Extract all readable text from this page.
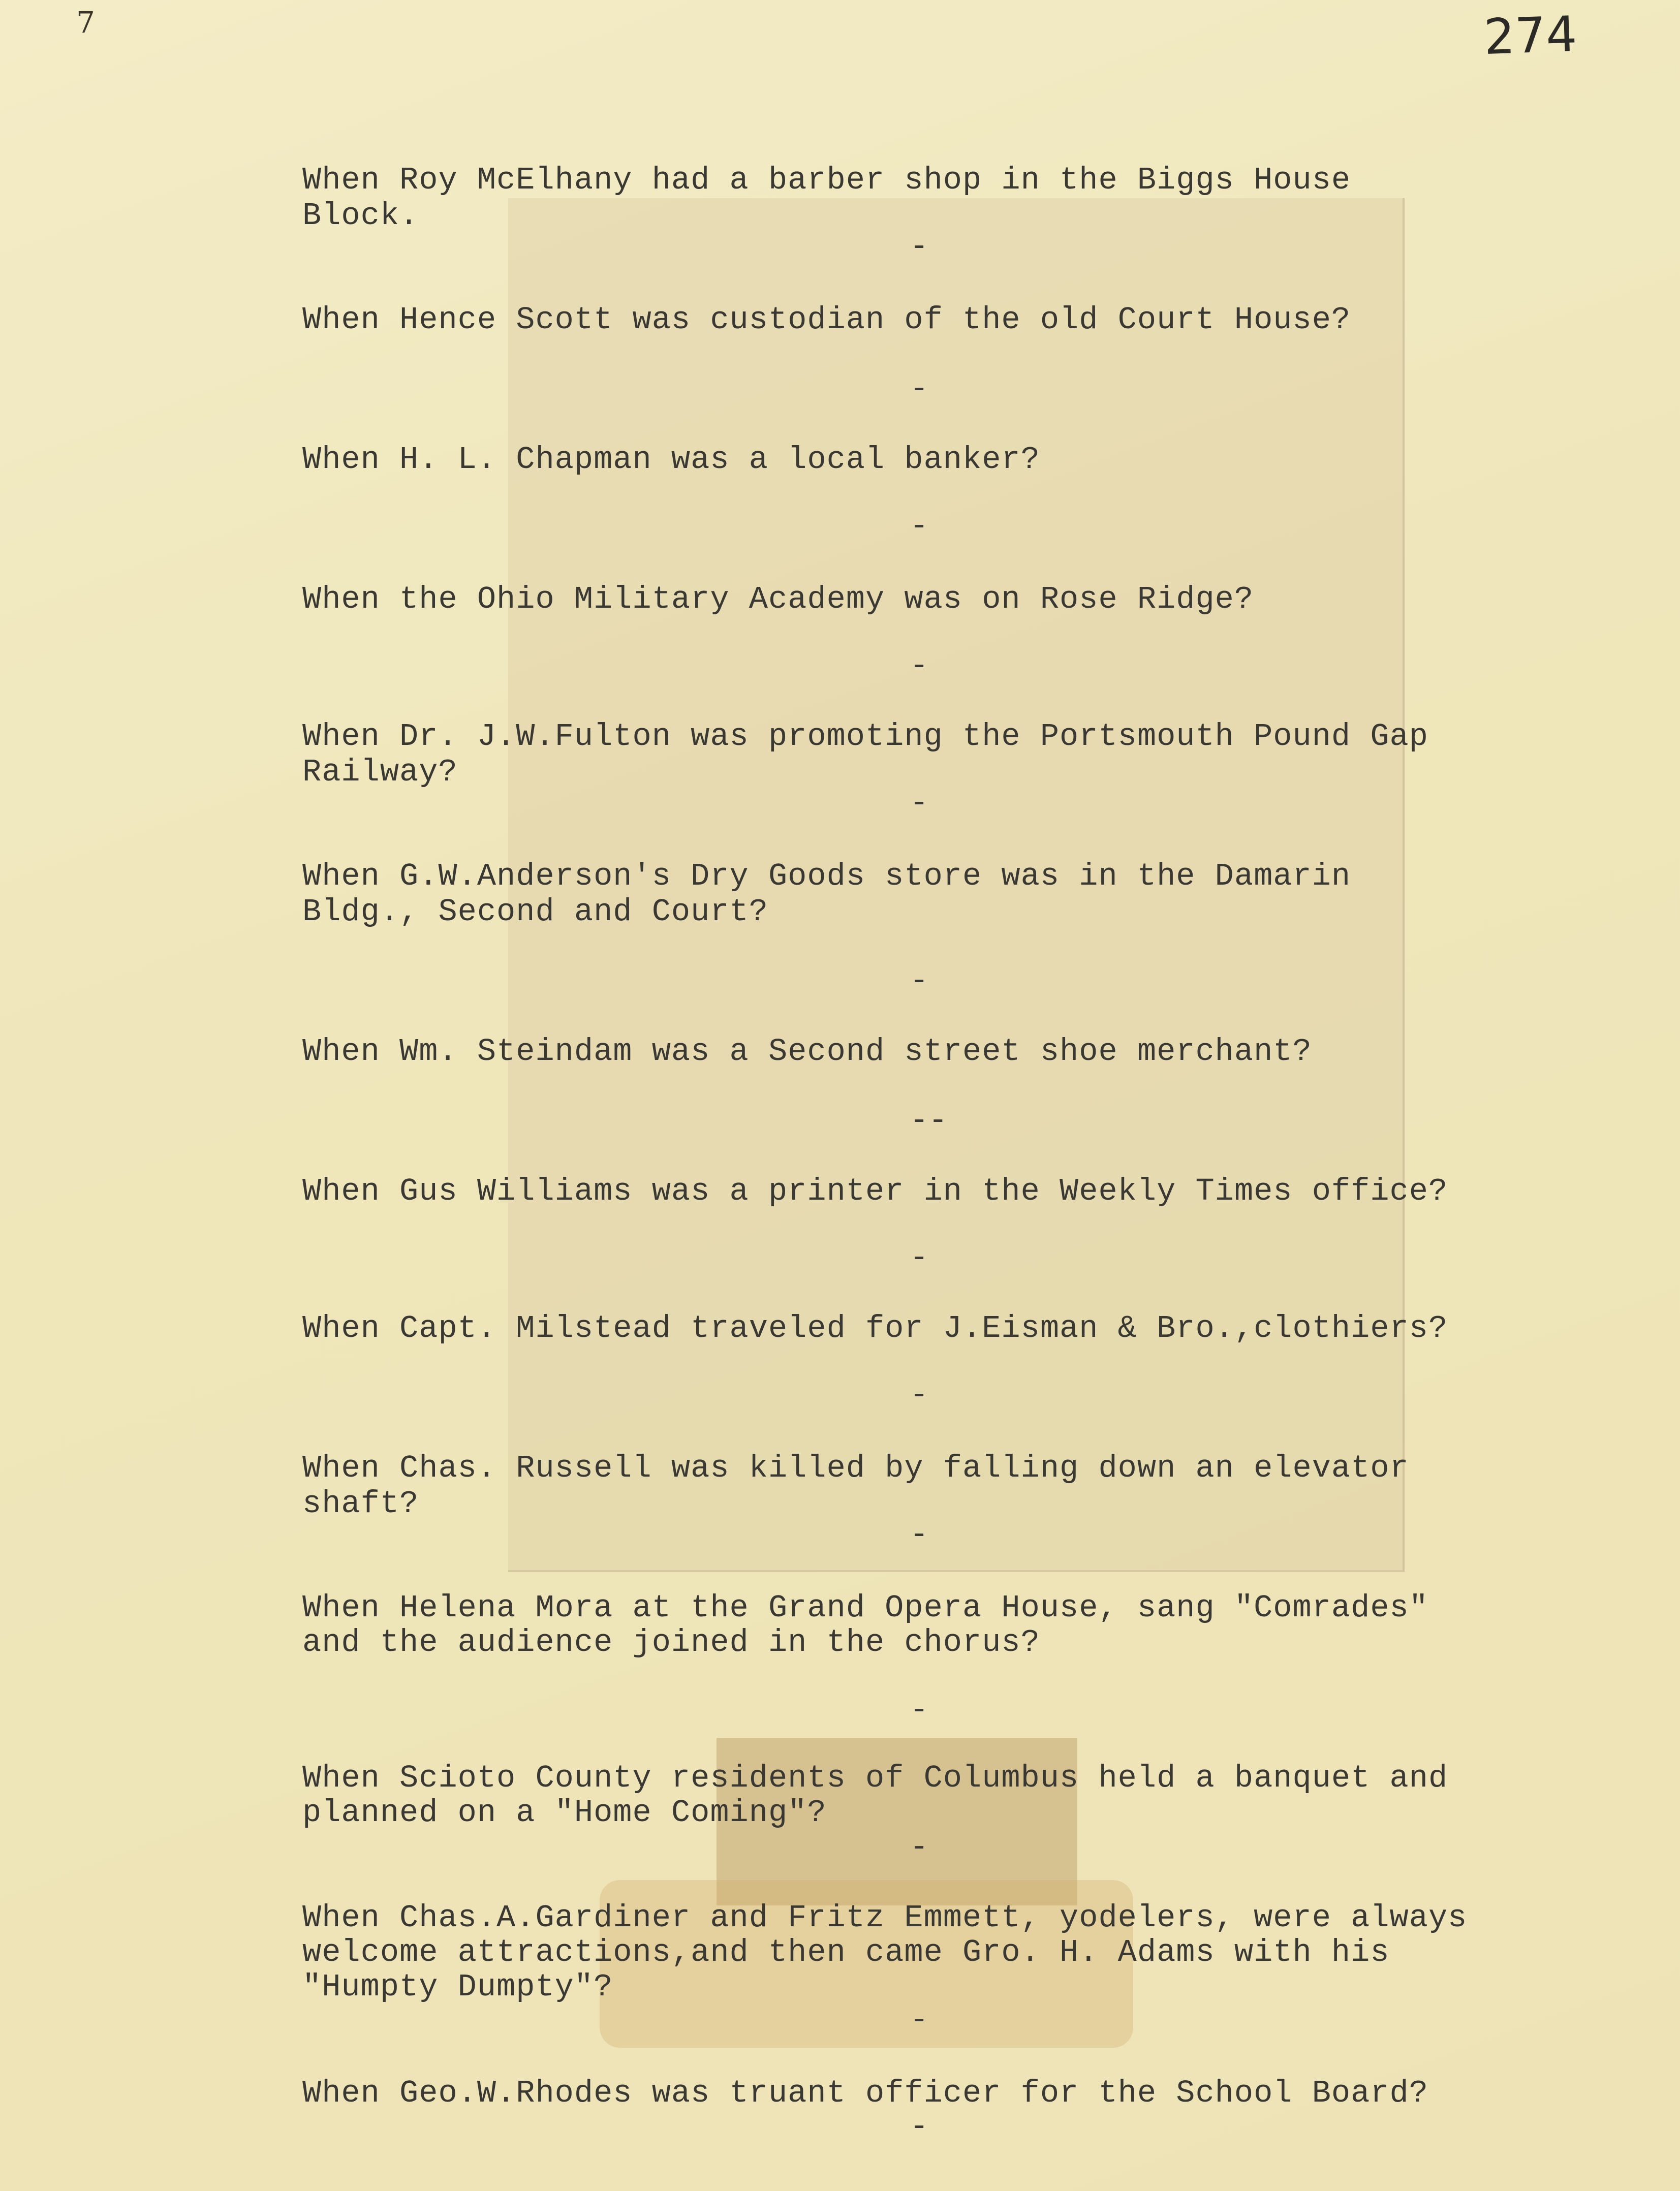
7	274
When Roy McElhany had a barber shop in the Biggs House
Block.
-
When Hence Scott was custodian of the old Court House?
-
When H. L. Chapman was a local banker?
-
When the Ohio Military Academy was on Rose Ridge?
-
When Dr. J.W.Fulton was promoting the Portsmouth Pound Gap
Railway?
-
When G.W.Anderson's Dry Goods store was in the Damarin
Bldg., Second and Court?
-
When Wm. Steindam was a Second street shoe merchant?
--
When Gus Williams was a printer in the Weekly Times office?
-
When Capt. Milstead traveled for J.Eisman & Bro.,clothiers?
-
When Chas. Russell was killed by falling down an elevator
shaft?
-
When Helena Mora at the Grand Opera House, sang "Comrades"
and the audience joined in the chorus?
-
When Scioto County residents of Columbus held a banquet and
planned on a "Home Coming"?
-
When Chas.A.Gardiner and Fritz Emmett, yodelers, were always
welcome attractions,and then came Gro. H. Adams with his
"Humpty Dumpty"?
-
When Geo.W.Rhodes was truant officer for the School Board?
-
